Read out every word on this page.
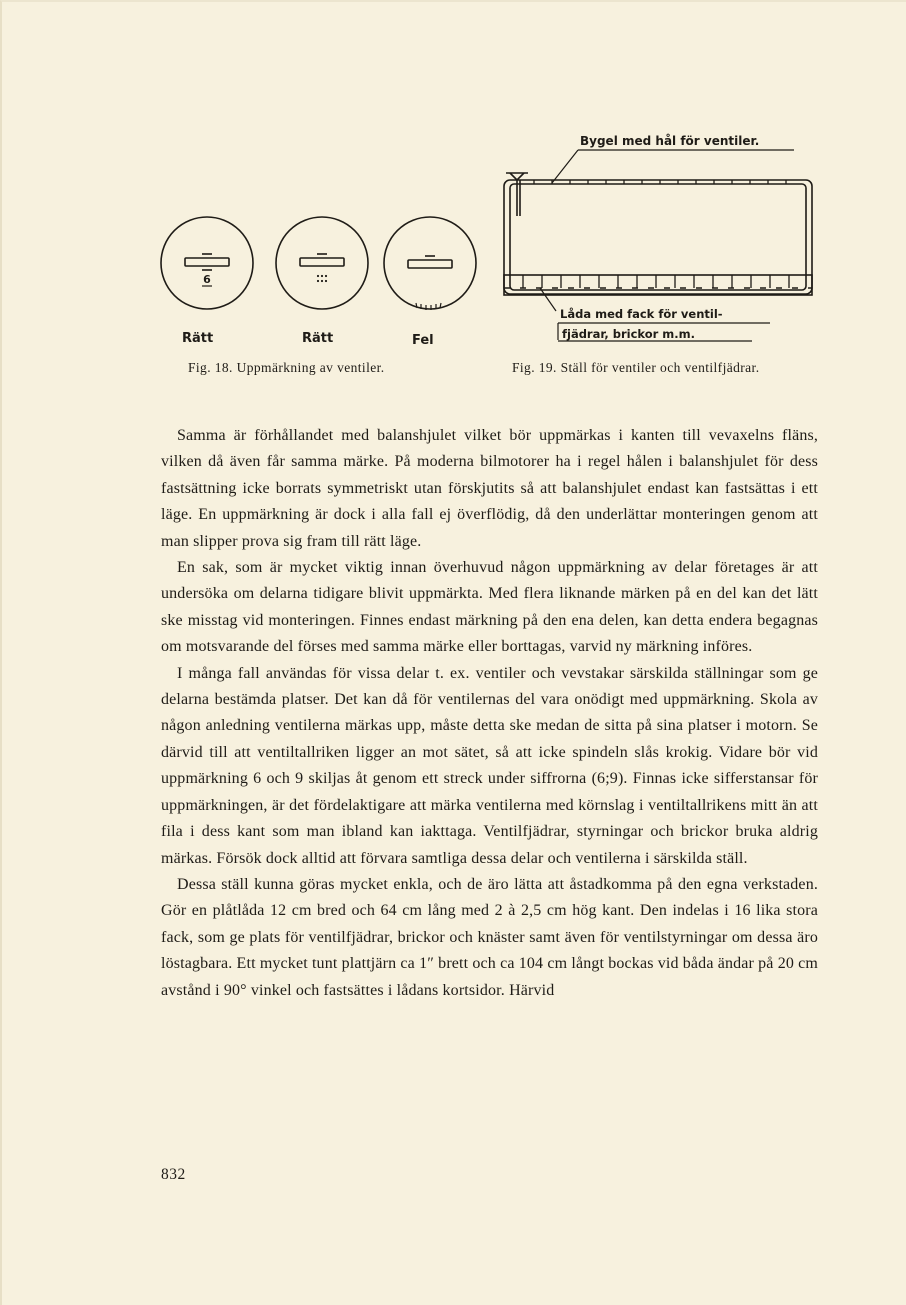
6
Rätt	Rätt	Fel
Fig. 18. Uppmärkning av ventiler.
Bygel med hål för ventiler.
Låda med fack för ventil-
fjädrar, brickor m.m.
Fig. 19. Ställ för ventiler och ventilfjädrar.

Samma är förhållandet med balanshjulet vilket bör uppmärkas i kanten till vevaxelns fläns, vilken då även får samma märke. På moderna bilmotorer ha i regel hålen i balanshjulet för dess fastsättning icke borrats symmetriskt utan förskjutits så att balanshjulet endast kan fastsättas i ett läge. En uppmärkning är dock i alla fall ej överflödig, då den underlättar monteringen genom att man slipper prova sig fram till rätt läge.

En sak, som är mycket viktig innan överhuvud någon uppmärkning av delar företages är att undersöka om delarna tidigare blivit uppmärkta. Med flera liknande märken på en del kan det lätt ske misstag vid monteringen. Finnes endast märkning på den ena delen, kan detta endera begagnas om motsvarande del förses med samma märke eller borttagas, varvid ny märkning införes.

I många fall användas för vissa delar t. ex. ventiler och vevstakar särskilda ställningar som ge delarna bestämda platser. Det kan då för ventilernas del vara onödigt med uppmärkning. Skola av någon anledning ventilerna märkas upp, måste detta ske medan de sitta på sina platser i motorn. Se därvid till att ventiltallriken ligger an mot sätet, så att icke spindeln slås krokig. Vidare bör vid uppmärkning 6 och 9 skiljas åt genom ett streck under siffrorna (6;9). Finnas icke sifferstansar för uppmärkningen, är det fördelaktigare att märka ventilerna med körnslag i ventiltallrikens mitt än att fila i dess kant som man ibland kan iakttaga. Ventilfjädrar, styrningar och brickor bruka aldrig märkas. Försök dock alltid att förvara samtliga dessa delar och ventilerna i särskilda ställ.

Dessa ställ kunna göras mycket enkla, och de äro lätta att åstadkomma på den egna verkstaden. Gör en plåtlåda 12 cm bred och 64 cm lång med 2 à 2,5 cm hög kant. Den indelas i 16 lika stora fack, som ge plats för ventilfjädrar, brickor och knäster samt även för ventilstyrningar om dessa äro löstagbara. Ett mycket tunt plattjärn ca 1″ brett och ca 104 cm långt bockas vid båda ändar på 20 cm avstånd i 90° vinkel och fastsättes i lådans kortsidor. Härvid

832
